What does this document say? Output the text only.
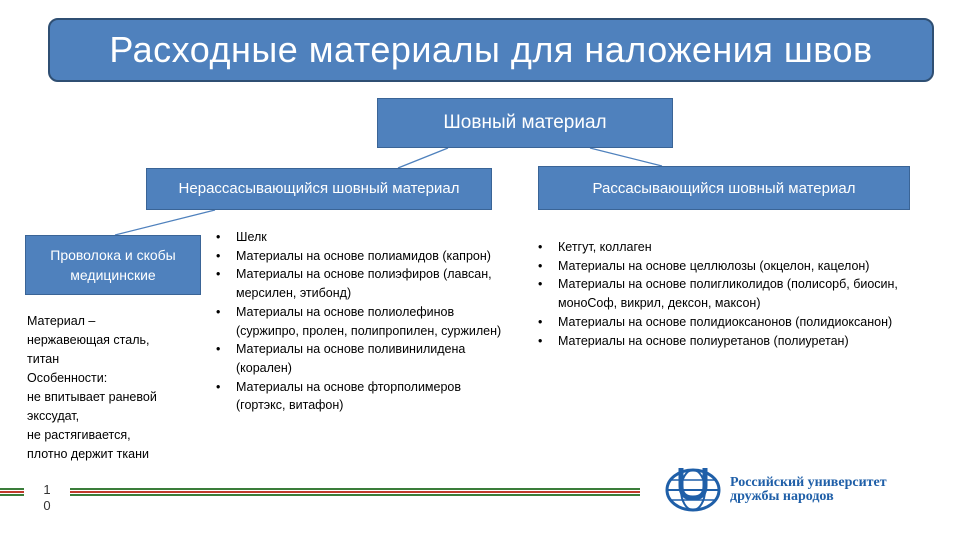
Расходные материалы для наложения швов
Шовный материал
Нерассасывающийся шовный материал	Рассасывающийся шовный материал
Проволока и скобы медицинские
• Шелк
• Материалы на основе полиамидов (капрон)
• Материалы на основе полиэфиров (лавсан, мерсилен, этибонд)
• Материалы на основе полиолефинов (суржипро, пролен, полипропилен, суржилен)
• Материалы на основе поливинилидена (коралeн)
• Материалы на основе фторполимеров (гортэкс, витафон)
• Кетгут, коллаген
• Материалы на основе целлюлозы (окцелон, кацелон)
• Материалы на основе полигликолидов (полисорб, биосин, моноСоф, викрил, дексон, максон)
• Материалы на основе полидиоксанонов (полидиоксанон)
• Материалы на основе полиуретанов (полиуретан)
Материал –
нержавеющая сталь,
титан
Особенности:
не впитывает раневой
экссудат,
не растягивается,
плотно держит ткани
1
0
Российский университет
дружбы народов
